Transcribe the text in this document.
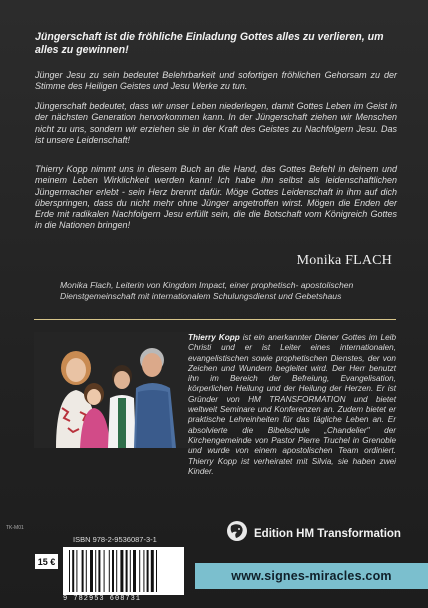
Jüngerschaft ist die fröhliche Einladung Gottes alles zu verlieren, um alles zu gewinnen!

Jünger Jesu zu sein bedeutet Belehrbarkeit und sofortigen fröhlichen Gehorsam zu der Stimme des Heiligen Geistes und Jesu Werke zu tun.

Jüngerschaft bedeutet, dass wir unser Leben niederlegen, damit Gottes Leben im Geist in der nächsten Generation hervorkommen kann. In der Jüngerschaft ziehen wir Menschen nicht zu uns, sondern wir erziehen sie in der Kraft des Geistes zu Nachfolgern Jesu. Das ist unsere Leidenschaft!

Thierry Kopp nimmt uns in diesem Buch an die Hand, das Gottes Befehl in deinem und meinem Leben Wirklichkeit werden kann! Ich habe ihn selbst als leidenschaftlichen Jüngermacher erlebt - sein Herz brennt dafür. Möge Gottes Leidenschaft in ihm auf dich überspringen, dass du nicht mehr ohne Jünger angetroffen wirst. Mögen die Enden der Erde mit radikalen Nachfolgern Jesu erfüllt sein, die die Botschaft vom Königreich Gottes in die Nationen bringen!

Monika FLACH

Monika Flach, Leiterin von Kingdom Impact, einer prophetisch- apostolischen Dienstgemeinschaft mit internationalem Schulungsdienst und Gebetshaus

Thierry Kopp ist ein anerkannter Diener Gottes im Leib Christi und er ist Leiter eines internationalen, evangelistischen sowie prophetischen Dienstes, der von Zeichen und Wundern begleitet wird. Der Herr benutzt ihn im Bereich der Befreiung, Evangelisation, körperlichen Heilung und der Heilung der Herzen. Er ist Gründer von HM TRANSFORMATION und bietet weltweit Seminare und Konferenzen an. Zudem bietet er praktische Lehreinheiten für das tägliche Leben an. Er absolvierte die Bibelschule „Chandelier" der Kirchengemeinde von Pastor Pierre Truchel in Grenoble und wurde von einem apostolischen Team ordiniert. Thierry Kopp ist verheiratet mit Silvia, sie haben zwei Kinder.

Edition HM Transformation
TK-M01
15 €

ISBN 978-2-9536087-3-1

9 782953 608731
www.signes-miracles.com
